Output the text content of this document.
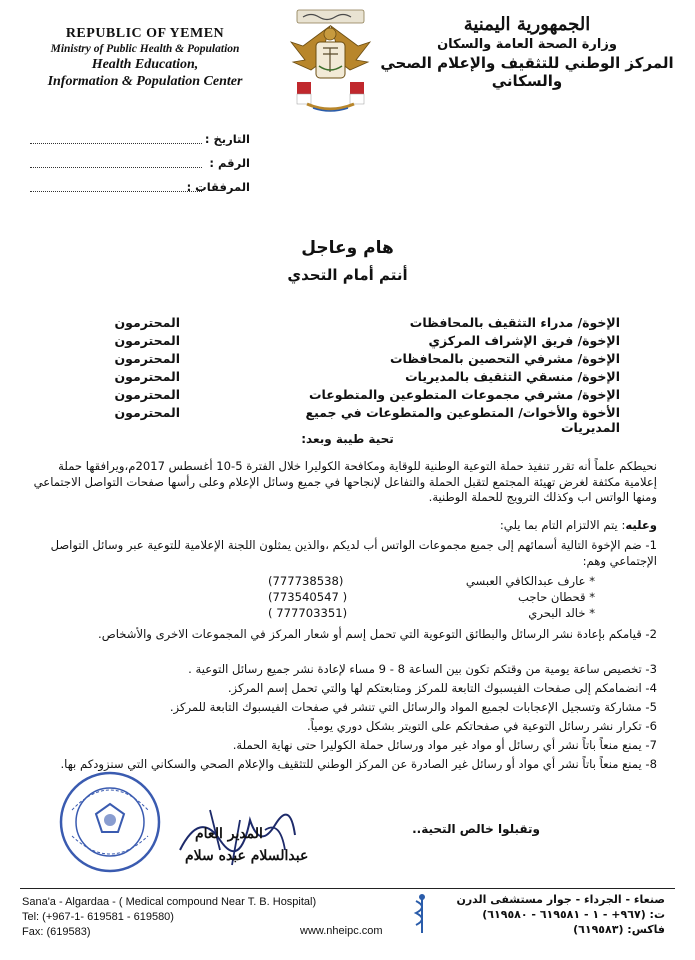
REPUBLIC OF YEMEN
Ministry of Public Health & Population
Health Education,
Information & Population Center
الجمهورية اليمنية
وزارة الصحة العامة والسكان
المركز الوطني للتثقيف والإعلام الصحي والسكاني
التاريخ :
الرقم :
المرفقات :
هام وعاجل
أنتم أمام التحدي
الإخوة/ مدراء التثقيف بالمحافظات
المحترمون
الإخوة/ فريق الإشراف المركزي
المحترمون
الإخوة/ مشرفي التحصين بالمحافظات
المحترمون
الإخوة/ منسقي التثقيف بالمديريات
المحترمون
الإخوة/ مشرفي مجموعات المتطوعين والمتطوعات
المحترمون
الأخوة والأخوات/ المتطوعين والمتطوعات في جميع المديريات
المحترمون
تحية طيبة وبعد:
نحيطكم علماً أنه تقرر تنفيذ حملة التوعية الوطنية للوقاية ومكافحة الكوليرا خلال الفترة 5-10 أغسطس 2017م،ويرافقها حملة إعلامية مكثفة لغرض تهيئة المجتمع لتقبل الحملة والتفاعل لإنجاحها في جميع وسائل الإعلام وعلى رأسها صفحات التواصل الاجتماعي ومنها الواتس اب وكذلك الترويج للحملة الوطنية.
وعليه: يتم الالتزام التام بما يلي:
1- ضم الإخوة التالية أسمائهم إلى جميع مجموعات الواتس أب لديكم ،والذين يمثلون اللجنة الإعلامية للتوعية عبر وسائل التواصل الإجتماعي وهم:
* عارف عبدالكافي العبسي
(777738538)
* قحطان حاجب
(773540547 )
* خالد البحري
( 777703351)
2- قيامكم بإعادة نشر الرسائل والبطائق التوعوية التي تحمل إسم أو شعار المركز في المجموعات الاخرى والأشخاص.
3- تخصيص ساعة يومية من وقتكم تكون بين الساعة 8 - 9 مساء لإعادة نشر جميع رسائل التوعية .
4- انضمامكم إلى صفحات الفيسبوك التابعة للمركز ومتابعتكم لها والتي تحمل إسم المركز.
5- مشاركة وتسجيل الإعجابات لجميع المواد والرسائل التي تنشر في صفحات الفيسبوك التابعة للمركز.
6- تكرار نشر رسائل التوعية في صفحاتكم على التويتر بشكل دوري يومياً.
7- يمنع منعاً باتاً نشر أي رسائل أو مواد غير مواد ورسائل حملة الكوليرا حتى نهاية الحملة.
8- يمنع منعاً باتاً نشر أي مواد أو رسائل غير الصادرة عن المركز الوطني للتثقيف والإعلام الصحي والسكاني التي سنزودكم بها.
وتقبلوا خالص التحية..
المدير العام
عبدالسلام عبده سلام
Sana'a - Algardaa - ( Medical compound Near T. B. Hospital)
Tel: (+967-1- 619581 - 619580)
Fax: (619583)	www.nheipc.com
صنعاء - الجرداء - جوار مستشفى الدرن
ت: (٩٦٧+ - ١ - ٦١٩٥٨١ - ٦١٩٥٨٠)
فاكس: (٦١٩٥٨٣)
